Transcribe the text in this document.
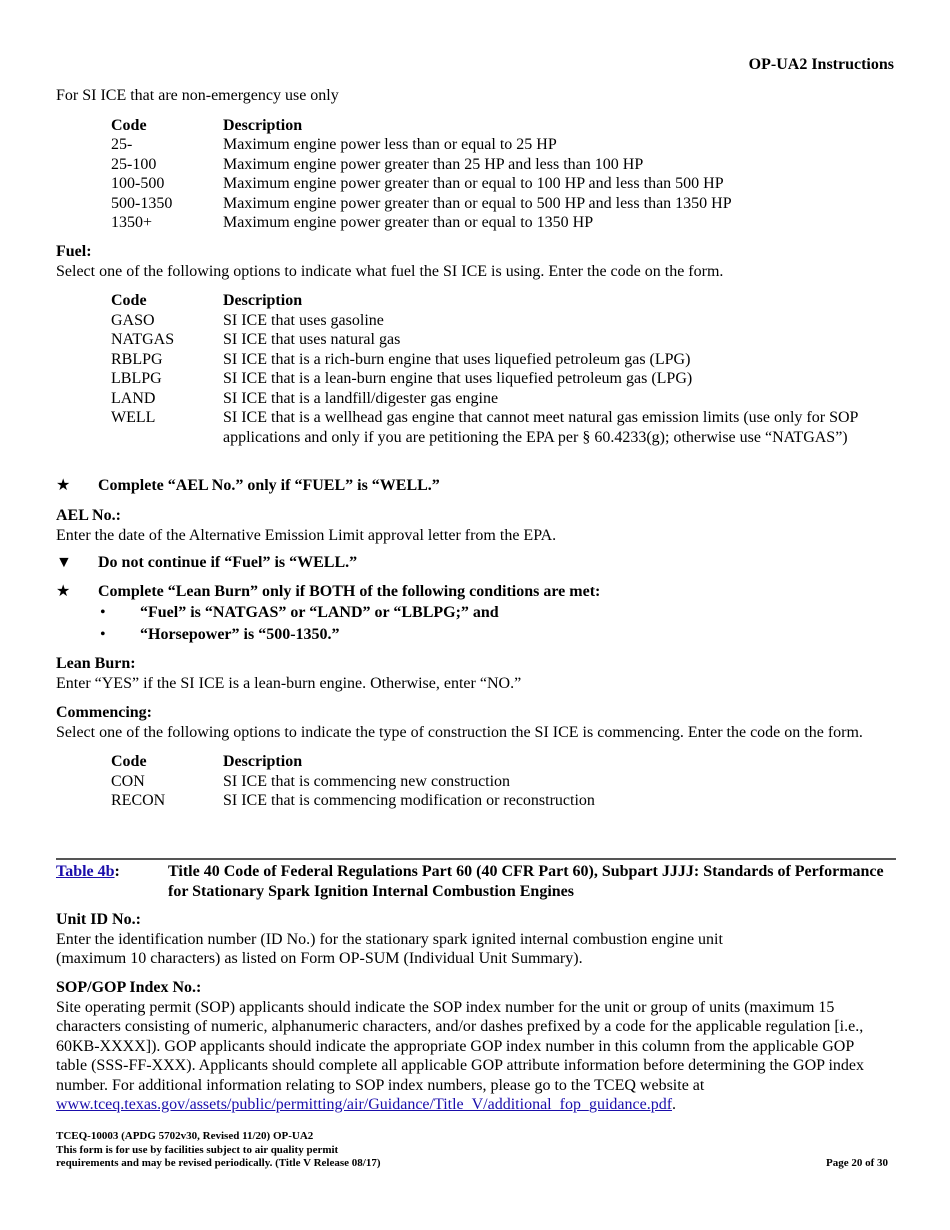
OP-UA2 Instructions

For SI ICE that are non-emergency use only

Code	Description
25-	Maximum engine power less than or equal to 25 HP
25-100	Maximum engine power greater than 25 HP and less than 100 HP
100-500	Maximum engine power greater than or equal to 100 HP and less than 500 HP
500-1350	Maximum engine power greater than or equal to 500 HP and less than 1350 HP
1350+	Maximum engine power greater than or equal to 1350 HP

Fuel:

Select one of the following options to indicate what fuel the SI ICE is using. Enter the code on the form.

Code	Description
GASO	SI ICE that uses gasoline
NATGAS	SI ICE that uses natural gas
RBLPG	SI ICE that is a rich-burn engine that uses liquefied petroleum gas (LPG)
LBLPG	SI ICE that is a lean-burn engine that uses liquefied petroleum gas (LPG)
LAND	SI ICE that is a landfill/digester gas engine
WELL	SI ICE that is a wellhead gas engine that cannot meet natural gas emission limits (use only for SOP applications and only if you are petitioning the EPA per § 60.4233(g); otherwise use “NATGAS”)
★ Complete “AEL No.” only if “FUEL” is “WELL.”

AEL No.:

Enter the date of the Alternative Emission Limit approval letter from the EPA.

▼ Do not continue if “Fuel” is “WELL.”
★ Complete “Lean Burn” only if BOTH of the following conditions are met:
• “Fuel” is “NATGAS” or “LAND” or “LBLPG;” and
• “Horsepower” is “500-1350.”

Lean Burn:

Enter “YES” if the SI ICE is a lean-burn engine. Otherwise, enter “NO.”

Commencing:

Select one of the following options to indicate the type of construction the SI ICE is commencing. Enter the code on the form.

Code	Description
CON	SI ICE that is commencing new construction
RECON	SI ICE that is commencing modification or reconstruction
Table 4b:	Title 40 Code of Federal Regulations Part 60 (40 CFR Part 60), Subpart JJJJ: Standards of Performance for Stationary Spark Ignition Internal Combustion Engines

Unit ID No.:

Enter the identification number (ID No.) for the stationary spark ignited internal combustion engine unit (maximum 10 characters) as listed on Form OP-SUM (Individual Unit Summary).

SOP/GOP Index No.:

Site operating permit (SOP) applicants should indicate the SOP index number for the unit or group of units (maximum 15 characters consisting of numeric, alphanumeric characters, and/or dashes prefixed by a code for the applicable regulation [i.e., 60KB-XXXX]). GOP applicants should indicate the appropriate GOP index number in this column from the applicable GOP table (SSS-FF-XXX). Applicants should complete all applicable GOP attribute information before determining the GOP index number. For additional information relating to SOP index numbers, please go to the TCEQ website at www.tceq.texas.gov/assets/public/permitting/air/Guidance/Title_V/additional_fop_guidance.pdf.

TCEQ-10003 (APDG 5702v30, Revised 11/20) OP-UA2
This form is for use by facilities subject to air quality permit
requirements and may be revised periodically. (Title V Release 08/17)	Page 20 of 30
